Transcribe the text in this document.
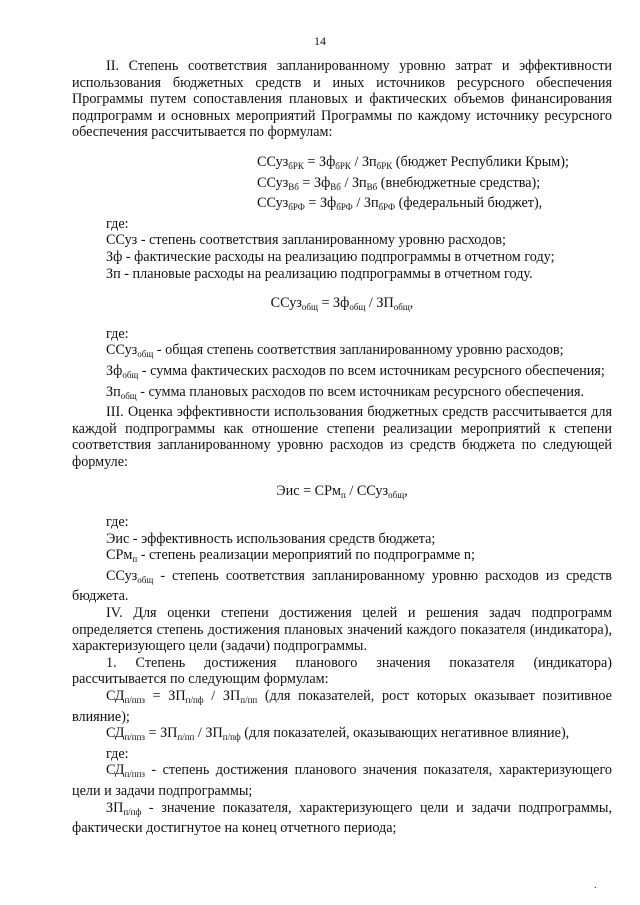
14

II. Степень соответствия запланированному уровню затрат и эффективности использования бюджетных средств и иных источников ресурсного обеспечения Программы путем сопоставления плановых и фактических объемов финансирования подпрограмм и основных мероприятий Программы по каждому источнику ресурсного обеспечения рассчитывается по формулам:

ССуз$_{бРК}$ = $Зф_{бРК} / Зп_{бРК}$ (бюджет Республики Крым);

ССуз$_{Вб}$ = $Зф_{Вб} / Зп_{Вб}$ (внебюджетные средства);

ССуз$_{бРФ}$ = $Зф_{бРФ} / Зп_{бРФ}$ (федеральный бюджет),

где:

ССуз - степень соответствия запланированному уровню расходов;

Зф - фактические расходы на реализацию подпрограммы в отчетном году;

Зп - плановые расходы на реализацию подпрограммы в отчетном году.

ССуз$_{общ}$ = $Зф_{общ} / ЗП_{общ}$,

где:

ССуз$_{общ}$ - общая степень соответствия запланированному уровню расходов;

$Зф_{общ}$ - сумма фактических расходов по всем источникам ресурсного обеспечения;

$Зп_{общ}$ - сумма плановых расходов по всем источникам ресурсного обеспечения.

III. Оценка эффективности использования бюджетных средств рассчитывается для каждой подпрограммы как отношение степени реализации мероприятий к степени соответствия запланированному уровню расходов из средств бюджета по следующей формуле:

Эис = СРм$_п$ / ССуз$_{общ}$,

где:

Эис - эффективность использования средств бюджета;

СРм$_п$ - степень реализации мероприятий по подпрограмме n;

ССуз$_{общ}$ - степень соответствия запланированному уровню расходов из средств бюджета.

IV. Для оценки степени достижения целей и решения задач подпрограмм определяется степень достижения плановых значений каждого показателя (индикатора), характеризующего цели (задачи) подпрограммы.

1. Степень достижения планового значения показателя (индикатора) рассчитывается по следующим формулам:

$СД_{п/ппз} = ЗП_{п/пф} / ЗП_{п/пп}$ (для показателей, рост которых оказывает позитивное влияние);

$СД_{п/ппз} = ЗП_{п/пп} / ЗП_{п/пф}$ (для показателей, оказывающих негативное влияние),

где:

$СД_{п/ппз}$ - степень достижения планового значения показателя, характеризующего цели и задачи подпрограммы;

$ЗП_{п/пф}$ - значение показателя, характеризующего цели и задачи подпрограммы, фактически достигнутое на конец отчетного периода;

.
